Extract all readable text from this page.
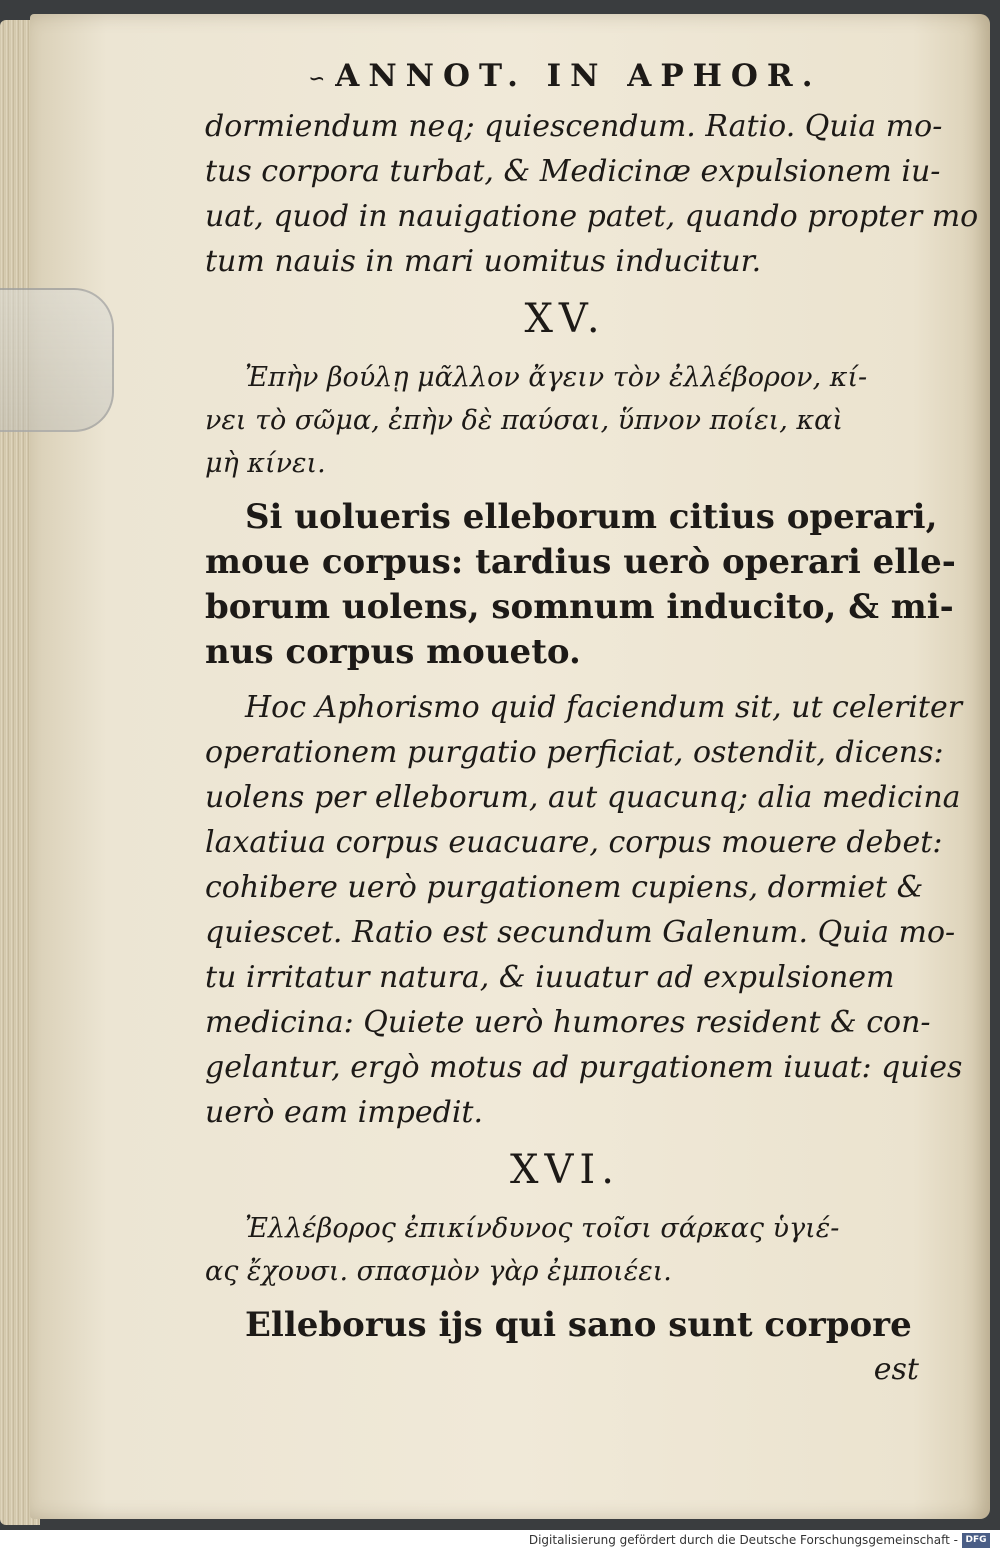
∽ ANNOT. IN APHOR.

dormiendum neq; quiescendum. Ratio. Quia mo-

tus corpora turbat, & Medicinæ expulsionem iu-

uat, quod in nauigatione patet, quando propter mo

tum nauis in mari uomitus inducitur.

XV.

Ἐπὴν βούλῃ μᾶλλον ἄγειν τὸν ἐλλέβορον, κί-

νει τὸ σῶμα, ἐπὴν δὲ παύσαι, ὕπνον ποίει, καὶ

μὴ κίνει.

Si uolueris elleborum citius operari,

moue corpus: tardius uerò operari elle-

borum uolens, somnum inducito, & mi-

nus corpus moueto.

Hoc Aphorismo quid faciendum sit, ut celeriter

operationem purgatio perficiat, ostendit, dicens:

uolens per elleborum, aut quacunq; alia medicina

laxatiua corpus euacuare, corpus mouere debet:

cohibere uerò purgationem cupiens, dormiet &

quiescet. Ratio est secundum Galenum. Quia mo-

tu irritatur natura, & iuuatur ad expulsionem

medicina: Quiete uerò humores resident & con-

gelantur, ergò motus ad purgationem iuuat: quies

uerò eam impedit.

XVI.

Ἐλλέβορος ἐπικίνδυνος τοῖσι σάρκας ὑγιέ-

ας ἔχουσι. σπασμὸν γὰρ ἐμποιέει.

Elleborus ijs qui sano sunt corpore

est

Digitalisierung gefördert durch die Deutsche Forschungsgemeinschaft - DFG
